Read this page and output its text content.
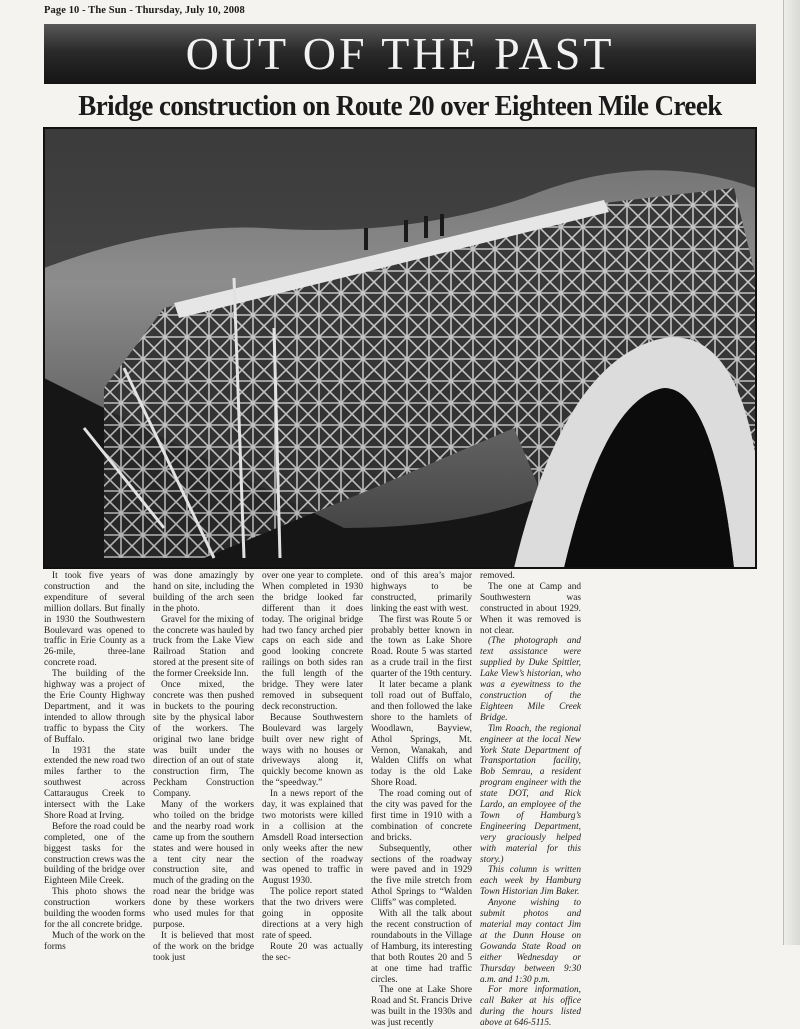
Page 10 - The Sun - Thursday, July 10, 2008
OUT OF THE PAST
Bridge construction on Route 20 over Eighteen Mile Creek

It took five years of construction and the expenditure of several million dollars. But finally in 1930 the Southwestern Boulevard was opened to traffic in Erie County as a 26-mile, three-lane concrete road.

The building of the highway was a project of the Erie County Highway Department, and it was intended to allow through traffic to bypass the City of Buffalo.

In 1931 the state extended the new road two miles farther to the southwest across Cattaraugus Creek to intersect with the Lake Shore Road at Irving.

Before the road could be completed, one of the biggest tasks for the construction crews was the building of the bridge over Eighteen Mile Creek.

This photo shows the construction workers building the wooden forms for the all concrete bridge.

Much of the work on the forms

was done amazingly by hand on site, including the building of the arch seen in the photo.

Gravel for the mixing of the concrete was hauled by truck from the Lake View Railroad Station and stored at the present site of the former Creekside Inn.

Once mixed, the concrete was then pushed in buckets to the pouring site by the physical labor of the workers. The original two lane bridge was built under the direction of an out of state construction firm, The Peckham Construction Company.

Many of the workers who toiled on the bridge and the nearby road work came up from the southern states and were housed in a tent city near the construction site, and much of the grading on the road near the bridge was done by these workers who used mules for that purpose.

It is believed that most of the work on the bridge took just

over one year to complete. When completed in 1930 the bridge looked far different than it does today. The original bridge had two fancy arched pier caps on each side and good looking concrete railings on both sides ran the full length of the bridge. They were later removed in subsequent deck reconstruction.

Because Southwestern Boulevard was largely built over new right of ways with no houses or driveways along it, quickly become known as the “speedway.”

In a news report of the day, it was explained that two motorists were killed in a collision at the Amsdell Road intersection only weeks after the new section of the roadway was opened to traffic in August 1930.

The police report stated that the two drivers were going in opposite directions at a very high rate of speed.

Route 20 was actually the sec-

ond of this area’s major highways to be constructed, primarily linking the east with west.

The first was Route 5 or probably better known in the town as Lake Shore Road. Route 5 was started as a crude trail in the first quarter of the 19th century.

It later became a plank toll road out of Buffalo, and then followed the lake shore to the hamlets of Woodlawn, Bayview, Athol Springs, Mt. Vernon, Wanakah, and Walden Cliffs on what today is the old Lake Shore Road.

The road coming out of the city was paved for the first time in 1910 with a combination of concrete and bricks.

Subsequently, other sections of the roadway were paved and in 1929 the five mile stretch from Athol Springs to “Walden Cliffs” was completed.

With all the talk about the recent construction of roundabouts in the Village of Hamburg, its interesting that both Routes 20 and 5 at one time had traffic circles.

The one at Lake Shore Road and St. Francis Drive was built in the 1930s and was just recently

removed.

The one at Camp and Southwestern was constructed in about 1929. When it was removed is not clear.

(The photograph and text assistance were supplied by Duke Spittler, Lake View’s historian, who was a eyewitness to the construction of the Eighteen Mile Creek Bridge.

Tim Roach, the regional engineer at the local New York State Department of Transportation facility, Bob Semrau, a resident program engineer with the state DOT, and Rick Lardo, an employee of the Town of Hamburg’s Engineering Department, very graciously helped with material for this story.)

This column is written each week by Hamburg Town Historian Jim Baker.

Anyone wishing to submit photos and material may contact Jim at the Dunn House on Gowanda State Road on either Wednesday or Thursday between 9:30 a.m. and 1:30 p.m.

For more information, call Baker at his office during the hours listed above at 646-5115.
